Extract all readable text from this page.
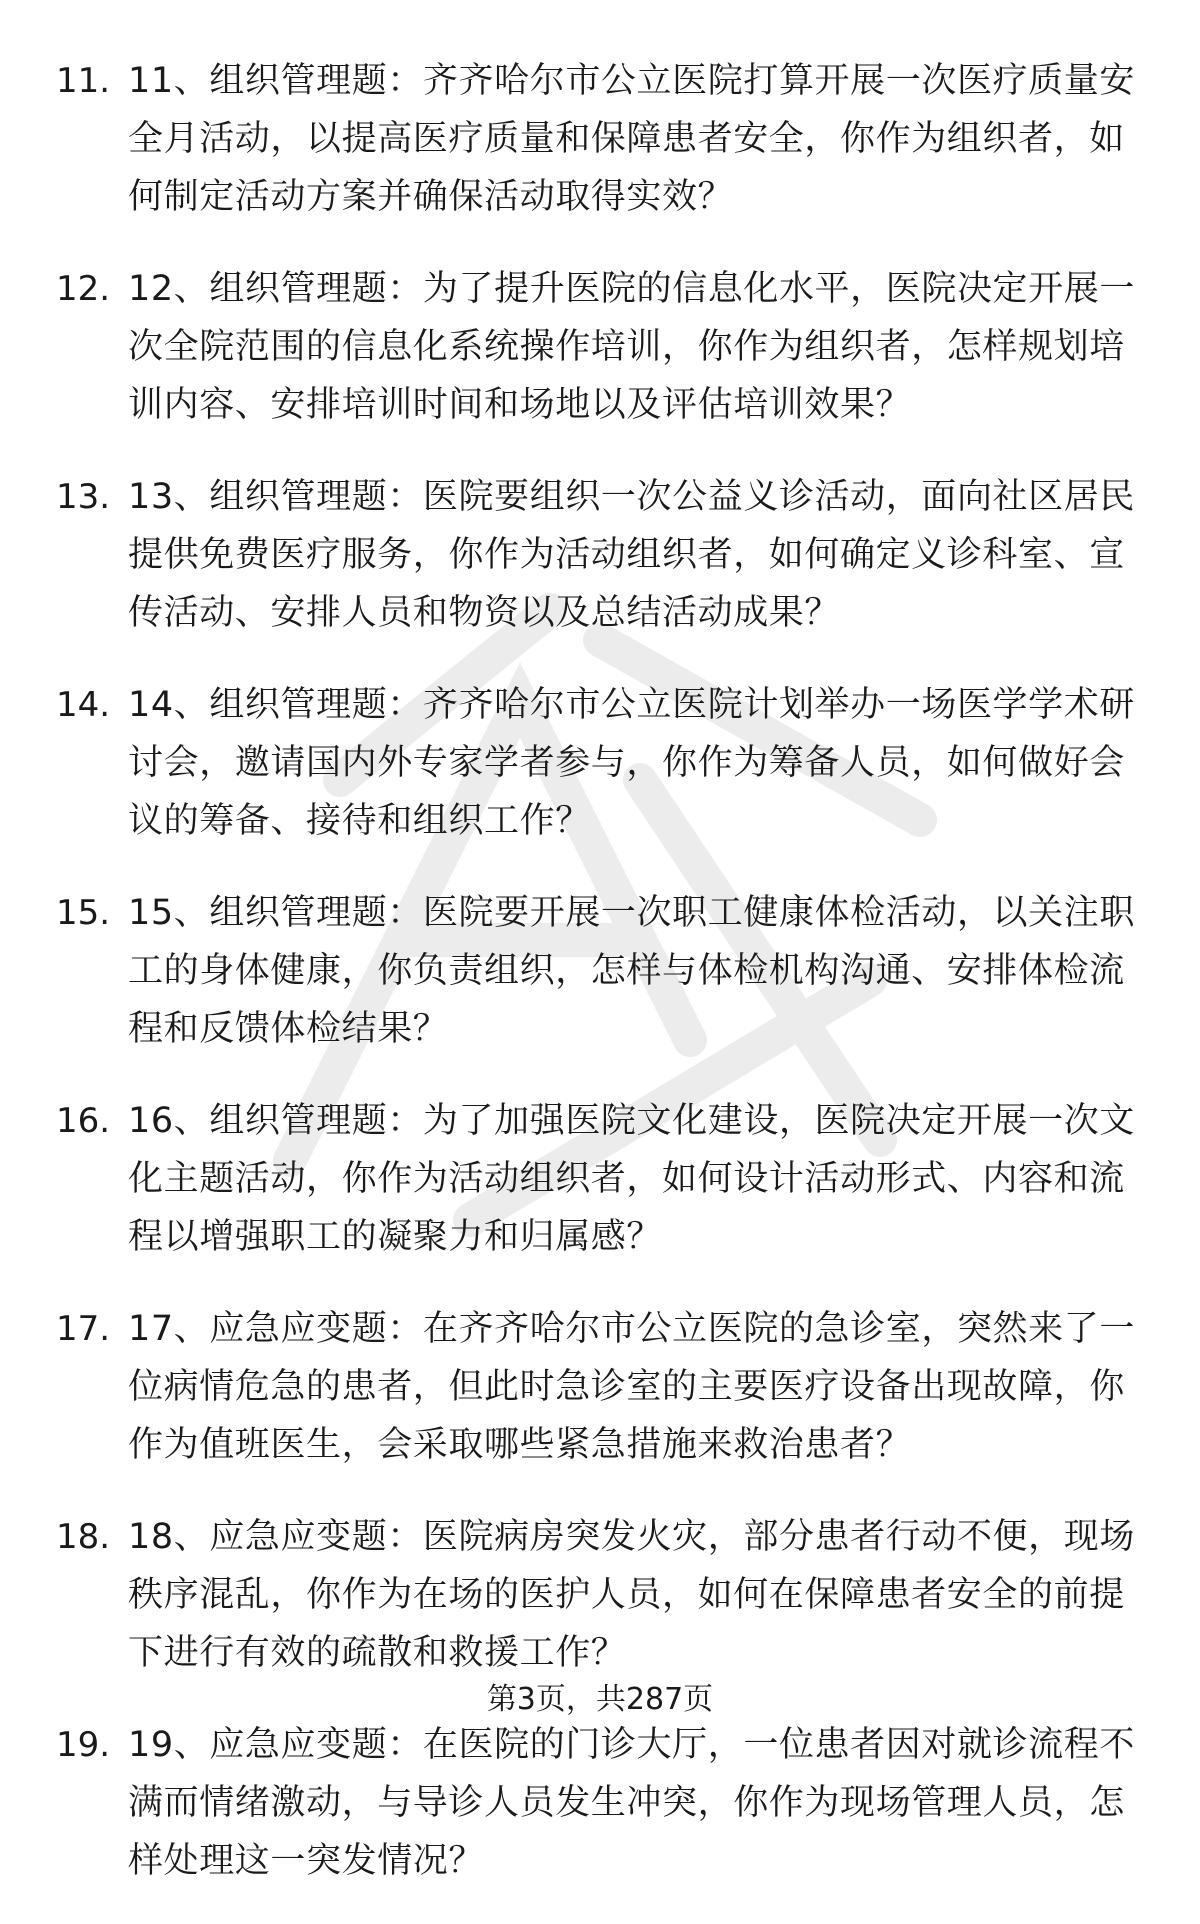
11. 11、组织管理题：齐齐哈尔市公立医院打算开展一次医疗质量安全月活动，以提高医疗质量和保障患者安全，你作为组织者，如何制定活动方案并确保活动取得实效？
12. 12、组织管理题：为了提升医院的信息化水平，医院决定开展一次全院范围的信息化系统操作培训，你作为组织者，怎样规划培训内容、安排培训时间和场地以及评估培训效果？
13. 13、组织管理题：医院要组织一次公益义诊活动，面向社区居民提供免费医疗服务，你作为活动组织者，如何确定义诊科室、宣传活动、安排人员和物资以及总结活动成果？
14. 14、组织管理题：齐齐哈尔市公立医院计划举办一场医学学术研讨会，邀请国内外专家学者参与，你作为筹备人员，如何做好会议的筹备、接待和组织工作？
15. 15、组织管理题：医院要开展一次职工健康体检活动，以关注职工的身体健康，你负责组织，怎样与体检机构沟通、安排体检流程和反馈体检结果？
16. 16、组织管理题：为了加强医院文化建设，医院决定开展一次文化主题活动，你作为活动组织者，如何设计活动形式、内容和流程以增强职工的凝聚力和归属感？
17. 17、应急应变题：在齐齐哈尔市公立医院的急诊室，突然来了一位病情危急的患者，但此时急诊室的主要医疗设备出现故障，你作为值班医生，会采取哪些紧急措施来救治患者？
18. 18、应急应变题：医院病房突发火灾，部分患者行动不便，现场秩序混乱，你作为在场的医护人员，如何在保障患者安全的前提下进行有效的疏散和救援工作？
19. 19、应急应变题：在医院的门诊大厅，一位患者因对就诊流程不满而情绪激动，与导诊人员发生冲突，你作为现场管理人员，怎样处理这一突发情况？
第3页，共287页
